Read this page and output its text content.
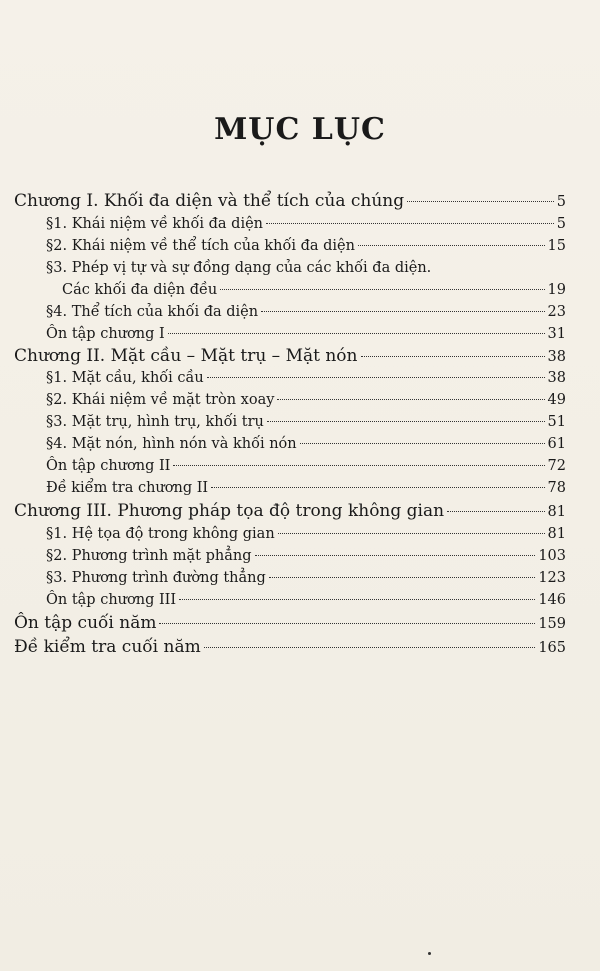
MỤC LỤC
Chương I. Khối đa diện và thể tích của chúng	5
§1. Khái niệm về khối đa diện	5
§2. Khái niệm về thể tích của khối đa diện	15
§3. Phép vị tự và sự đồng dạng của các khối đa diện.
Các khối đa diện đều	19
§4. Thể tích của khối đa diện	23
Ôn tập chương I	31
Chương II. Mặt cầu – Mặt trụ – Mặt nón	38
§1. Mặt cầu, khối cầu	38
§2. Khái niệm về mặt tròn xoay	49
§3. Mặt trụ, hình trụ, khối trụ	51
§4. Mặt nón, hình nón và khối nón	61
Ôn tập chương II	72
Đề kiểm tra chương II	78
Chương III. Phương pháp tọa độ trong không gian	81
§1. Hệ tọa độ trong không gian	81
§2. Phương trình mặt phẳng	103
§3. Phương trình đường thẳng	123
Ôn tập chương III	146
Ôn tập cuối năm	159
Đề kiểm tra cuối năm	165
